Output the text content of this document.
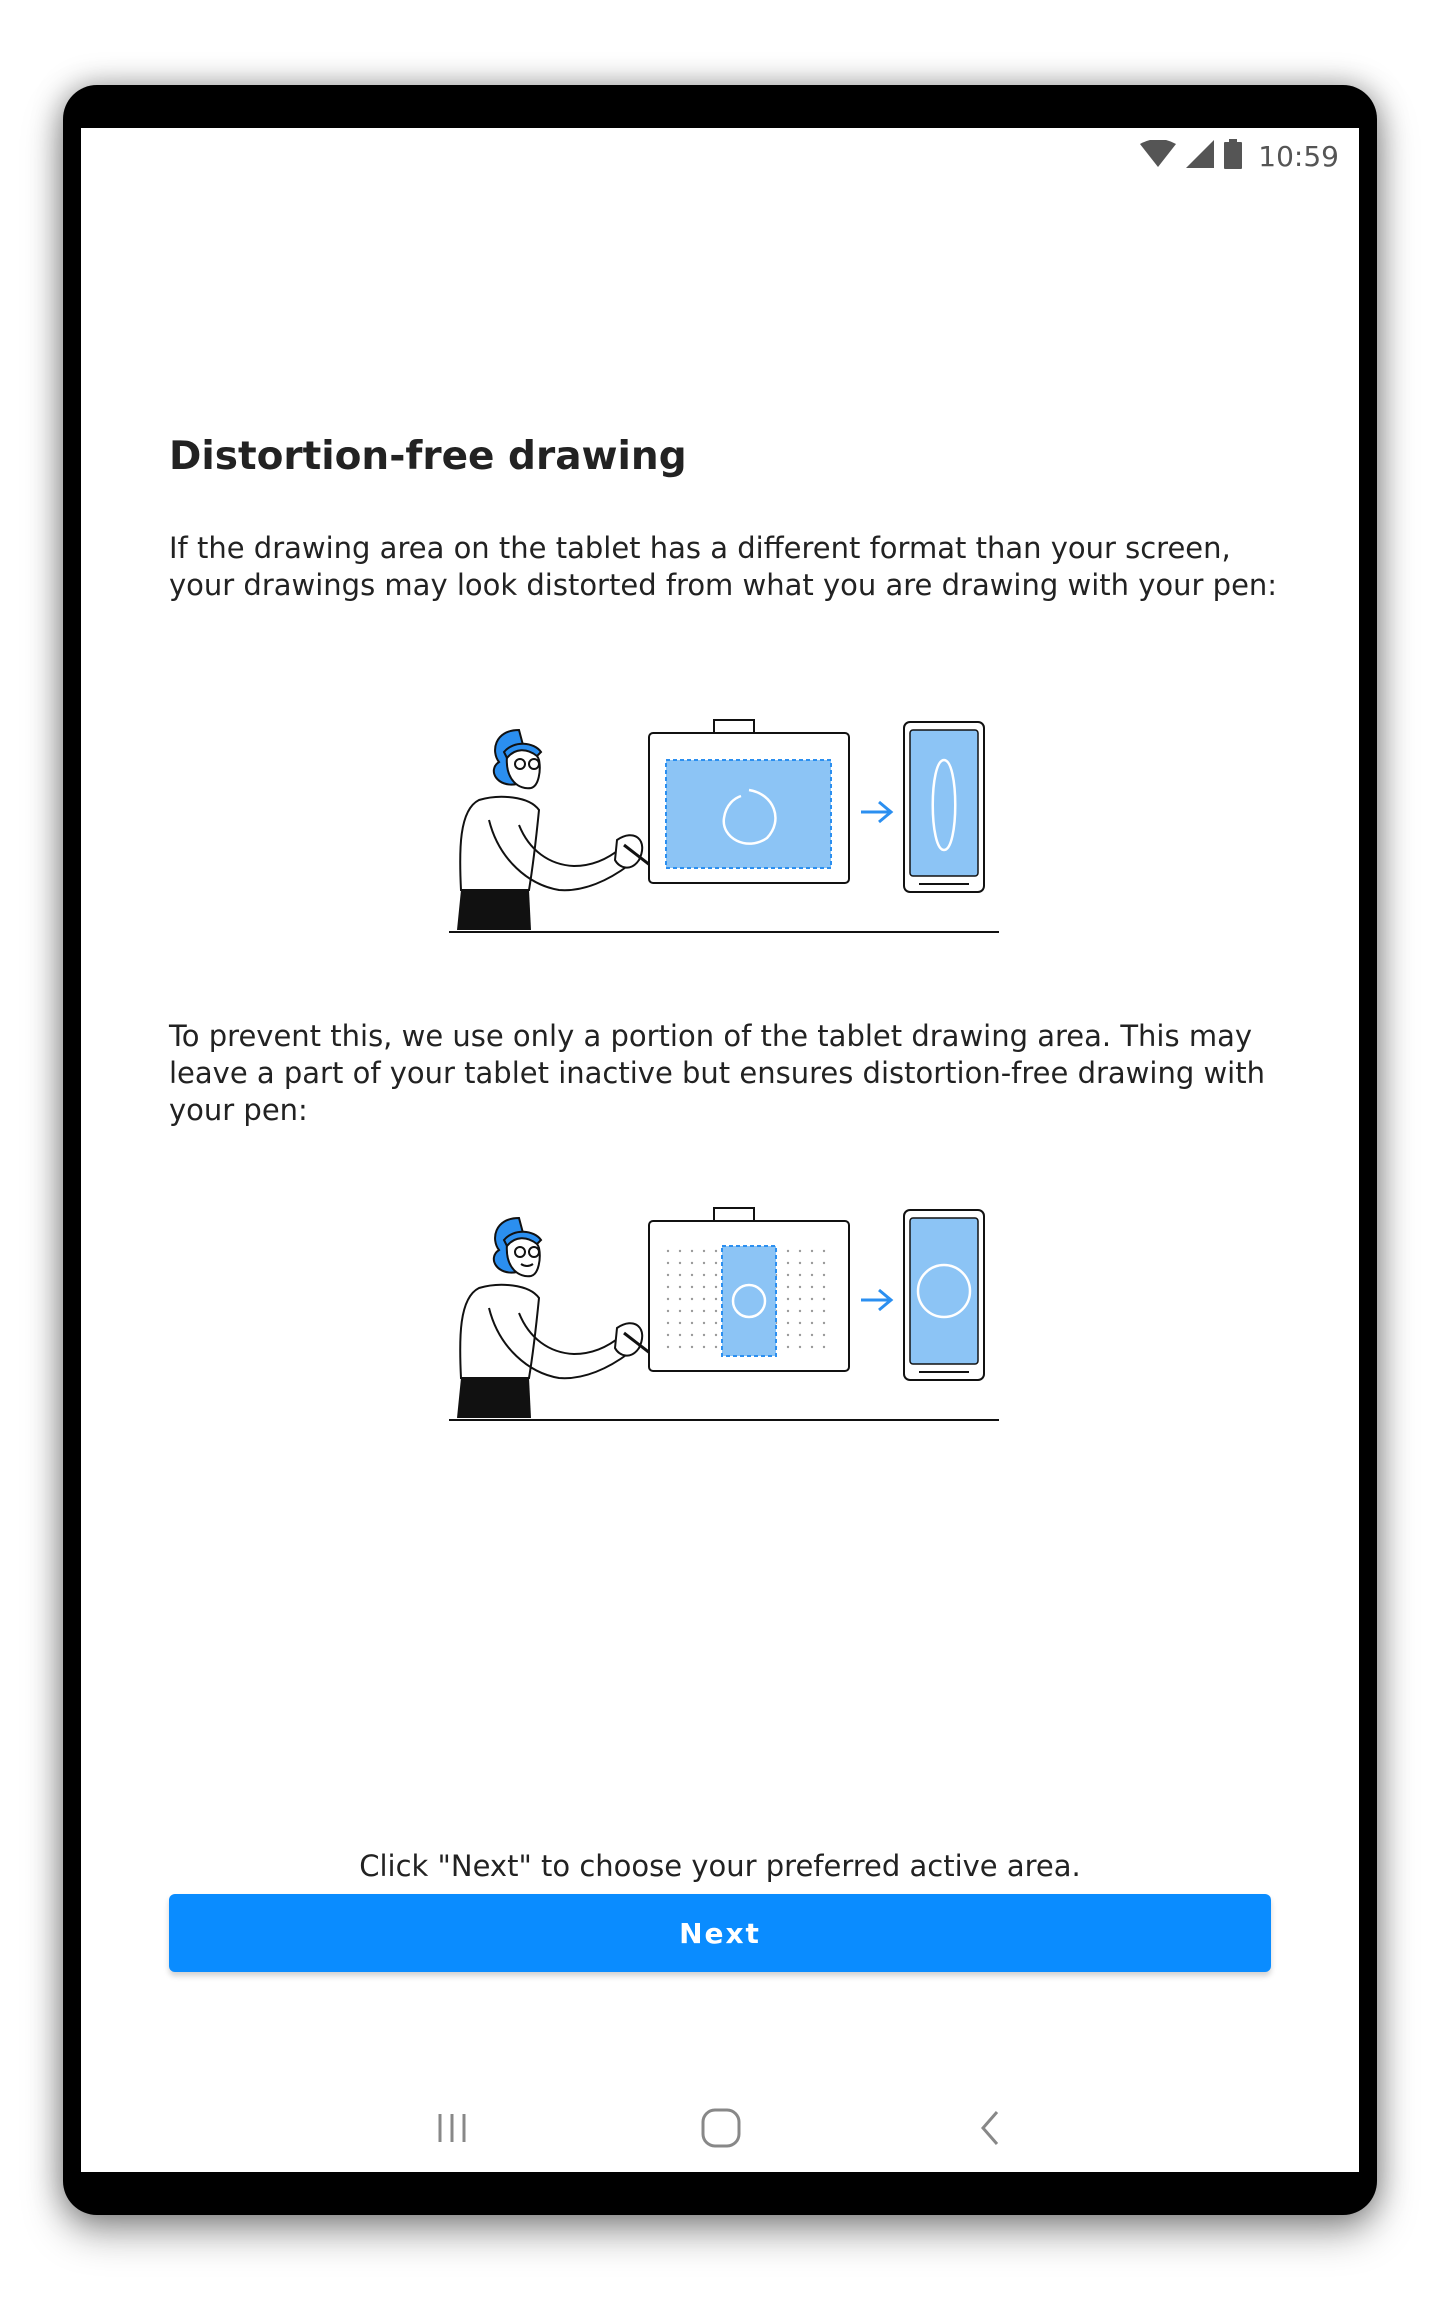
10:59
Distortion-free drawing

If the drawing area on the tablet has a different format than your screen, your drawings may look distorted from what you are drawing with your pen:

To prevent this, we use only a portion of the tablet drawing area. This may leave a part of your tablet inactive but ensures distortion-free drawing with your pen:

Click "Next" to choose your preferred active area.
Next
